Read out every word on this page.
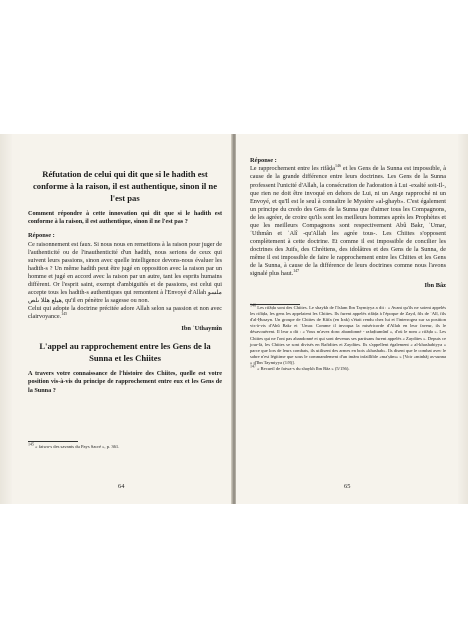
Réfutation de celui qui dit que si le hadith est conforme à la raison, il est authentique, sinon il ne l'est pas

Comment répondre à cette innovation qui dit que si le hadith est conforme à la raison, il est authentique, sinon il ne l'est pas ?

Réponse :

Ce raisonnement est faux. Si nous nous en remettions à la raison pour juger de l'authenticité ou de l'inauthenticité d'un hadith, nous serions de ceux qui suivent leurs passions, sinon avec quelle intelligence devons-nous évaluer les hadith-s ? Un même hadith peut être jugé en opposition avec la raison par un homme et jugé en accord avec la raison par un autre, tant les esprits humains diffèrent. Or l'esprit saint, exempt d'ambiguïtés et de passions, est celui qui accepte tous les hadith-s authentiques qui remontent à l'Envoyé d'Allah ملسو هيلع هللا ىلص, qu'il en pénètre la sagesse ou non.

Celui qui adopte la doctrine précitée adore Allah selon sa passion et non avec clairvoyance.$^{145}$

Ibn ʿUthaymîn

L'appel au rapprochement entre les Gens de la Sunna et les Chiites

A travers votre connaissance de l'histoire des Chiites, quelle est votre position vis-à-vis du principe de rapprochement entre eux et les Gens de la Sunna ?

$^{145}$ « fatwa-s des savants du Pays Sacré », p. 361.

64

Réponse :

Le rapprochement entre les rifâḍa$^{146}$ et les Gens de la Sunna est impossible, à cause de la grande différence entre leurs doctrines. Les Gens de la Sunna professent l'unicité d'Allah, la consécration de l'adoration à Lui -exalté soit-Il-, que rien ne doit être invoqué en dehors de Lui, ni un Ange rapproché ni un Envoyé, et qu'Il est le seul à connaître le Mystère «al-ghayb». C'est également un principe du credo des Gens de la Sunna que d'aimer tous les Compagnons, de les agréer, de croire qu'ils sont les meilleurs hommes après les Prophètes et que les meilleurs Compagnons sont respectivement Abû Bakr, ʿUmar, ʿUthmân et ʿAlî -qu'Allah les agrée tous-. Les Chiites s'opposent complètement à cette doctrine. Et comme il est impossible de concilier les doctrines des Juifs, des Chrétiens, des idolâtres et des Gens de la Sunna, de même il est impossible de faire le rapprochement entre les Chiites et les Gens de la Sunna, à cause de la différence de leurs doctrines comme nous l'avons signalé plus haut.$^{147}$

Ibn Bâz

$^{146}$ Les rifâḍa sont des Chiites. Le shaykh de l'Islam Ibn Taymiyya a dit : « Avant qu'ils ne soient appelés les rifâḍa, les gens les appelaient les Chiites. Ils furent appelés rifâḍa à l'époque de Zayd, fils de ʿAlî, fils d'al-Ḥusayn. Un groupe de Chiites de Kûfa (en Irak) s'était rendu chez lui et l'interrogea sur sa position vis-à-vis d'Abû Bakr et ʿUmar. Comme il invoqua la miséricorde d'Allah en leur faveur, ils le désavouèrent. Il leur a dit : « Vous m'avez donc abandonné - rafaḍtumûnî », d'où le nom « rifâḍa ». Les Chiites qui ne l'ont pas abandonné et qui sont devenus ses partisans furent appelés « Zaydites ». Depuis ce jour-là, les Chiites se sont divisés en Rafidites et Zaydites. Ils s'appellent également « al-khashabiyya » parce que lors de leurs combats, ils utilisent des armes en bois «khashab». Ils disent que le combat avec le sabre n'est légitime que sous le commandement d'un imâm infaillible «ma'ṣûm» » [Voir «minhâj as-sunna » d'Ibn Taymiyya (1/8)].

$^{147}$ « Recueil de fatwa-s du shaykh Ibn Bâz » (5/156).

65
